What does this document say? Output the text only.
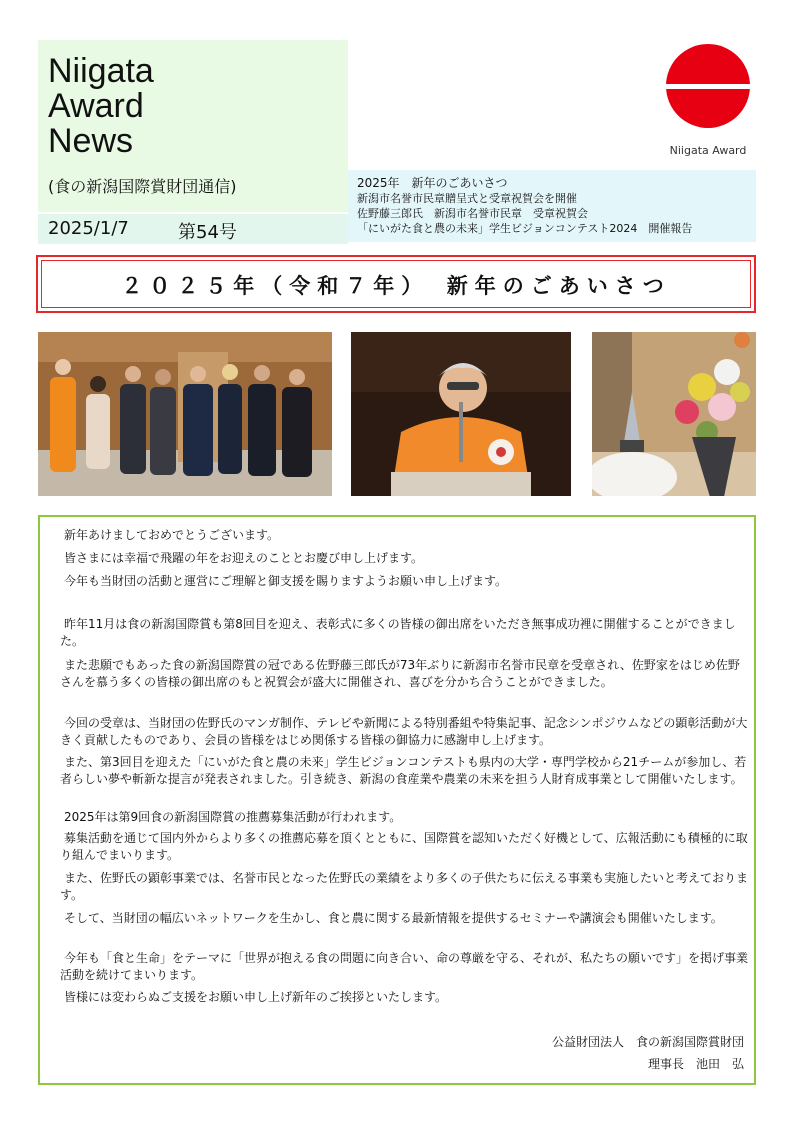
Niigata
Award
News
(食の新潟国際賞財団通信)
2025/1/7	第54号
2025年　新年のごあいさつ
新潟市名誉市民章贈呈式と受章祝賀会を開催
佐野藤三郎氏　新潟市名誉市民章　受章祝賀会
「にいがた食と農の未来」学生ビジョンコンテスト2024　開催報告
Niigata Award
２０２５年（令和７年）　新年のごあいさつ

新年あけましておめでとうございます。

皆さまには幸福で飛躍の年をお迎えのこととお慶び申し上げます。

今年も当財団の活動と運営にご理解と御支援を賜りますようお願い申し上げます。

昨年11月は食の新潟国際賞も第8回目を迎え、表彰式に多くの皆様の御出席をいただき無事成功裡に開催することができました。

また悲願でもあった食の新潟国際賞の冠である佐野藤三郎氏が73年ぶりに新潟市名誉市民章を受章され、佐野家をはじめ佐野さんを慕う多くの皆様の御出席のもと祝賀会が盛大に開催され、喜びを分かち合うことができました。

今回の受章は、当財団の佐野氏のマンガ制作、テレビや新聞による特別番組や特集記事、記念シンポジウムなどの顕彰活動が大きく貢献したものであり、会員の皆様をはじめ関係する皆様の御協力に感謝申し上げます。

また、第3回目を迎えた「にいがた食と農の未来」学生ビジョンコンテストも県内の大学・専門学校から21チームが参加し、若者らしい夢や斬新な提言が発表されました。引き続き、新潟の食産業や農業の未来を担う人財育成事業として開催いたします。

2025年は第9回食の新潟国際賞の推薦募集活動が行われます。

募集活動を通じて国内外からより多くの推薦応募を頂くとともに、国際賞を認知いただく好機として、広報活動にも積極的に取り組んでまいります。

また、佐野氏の顕彰事業では、名誉市民となった佐野氏の業績をより多くの子供たちに伝える事業も実施したいと考えております。

そして、当財団の幅広いネットワークを生かし、食と農に関する最新情報を提供するセミナーや講演会も開催いたします。

今年も「食と生命」をテーマに「世界が抱える食の問題に向き合い、命の尊厳を守る、それが、私たちの願いです」を掲げ事業活動を続けてまいります。

皆様には変わらぬご支援をお願い申し上げ新年のご挨拶といたします。

公益財団法人　食の新潟国際賞財団
理事長　池田　弘
